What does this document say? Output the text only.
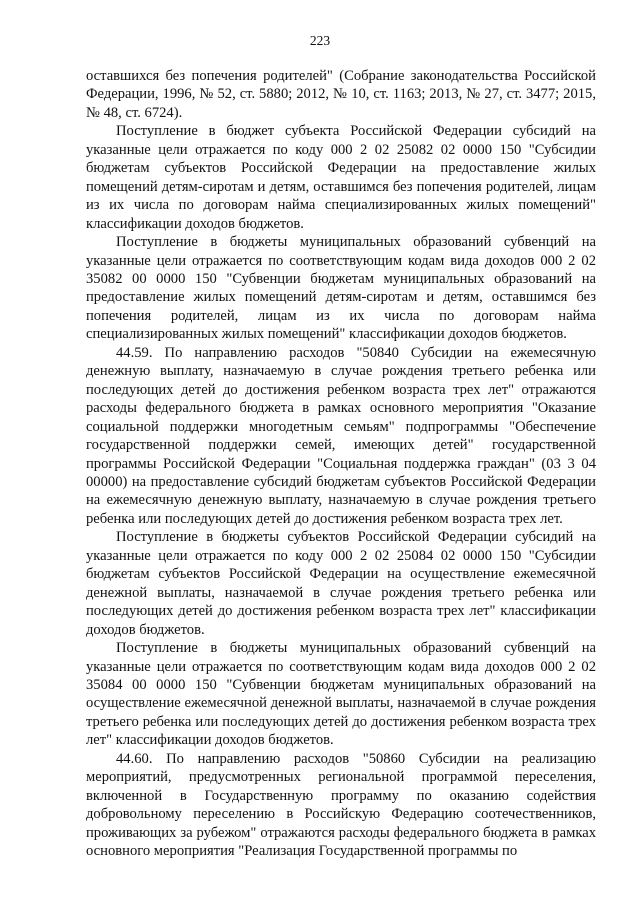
223

оставшихся без попечения родителей" (Собрание законодательства Российской Федерации, 1996, № 52, ст. 5880; 2012, № 10, ст. 1163; 2013, № 27, ст. 3477; 2015, № 48, ст. 6724).

Поступление в бюджет субъекта Российской Федерации субсидий на указанные цели отражается по коду 000 2 02 25082 02 0000 150 "Субсидии бюджетам субъектов Российской Федерации на предоставление жилых помещений детям-сиротам и детям, оставшимся без попечения родителей, лицам из их числа по договорам найма специализированных жилых помещений" классификации доходов бюджетов.

Поступление в бюджеты муниципальных образований субвенций на указанные цели отражается по соответствующим кодам вида доходов 000 2 02 35082 00 0000 150 "Субвенции бюджетам муниципальных образований на предоставление жилых помещений детям-сиротам и детям, оставшимся без попечения родителей, лицам из их числа по договорам найма специализированных жилых помещений" классификации доходов бюджетов.

44.59. По направлению расходов "50840 Субсидии на ежемесячную денежную выплату, назначаемую в случае рождения третьего ребенка или последующих детей до достижения ребенком возраста трех лет" отражаются расходы федерального бюджета в рамках основного мероприятия "Оказание социальной поддержки многодетным семьям" подпрограммы "Обеспечение государственной поддержки семей, имеющих детей" государственной программы Российской Федерации "Социальная поддержка граждан" (03 3 04 00000) на предоставление субсидий бюджетам субъектов Российской Федерации на ежемесячную денежную выплату, назначаемую в случае рождения третьего ребенка или последующих детей до достижения ребенком возраста трех лет.

Поступление в бюджеты субъектов Российской Федерации субсидий на указанные цели отражается по коду 000 2 02 25084 02 0000 150 "Субсидии бюджетам субъектов Российской Федерации на осуществление ежемесячной денежной выплаты, назначаемой в случае рождения третьего ребенка или последующих детей до достижения ребенком возраста трех лет" классификации доходов бюджетов.

Поступление в бюджеты муниципальных образований субвенций на указанные цели отражается по соответствующим кодам вида доходов 000 2 02 35084 00 0000 150 "Субвенции бюджетам муниципальных образований на осуществление ежемесячной денежной выплаты, назначаемой в случае рождения третьего ребенка или последующих детей до достижения ребенком возраста трех лет" классификации доходов бюджетов.

44.60. По направлению расходов "50860 Субсидии на реализацию мероприятий, предусмотренных региональной программой переселения, включенной в Государственную программу по оказанию содействия добровольному переселению в Российскую Федерацию соотечественников, проживающих за рубежом" отражаются расходы федерального бюджета в рамках основного мероприятия "Реализация Государственной программы по
